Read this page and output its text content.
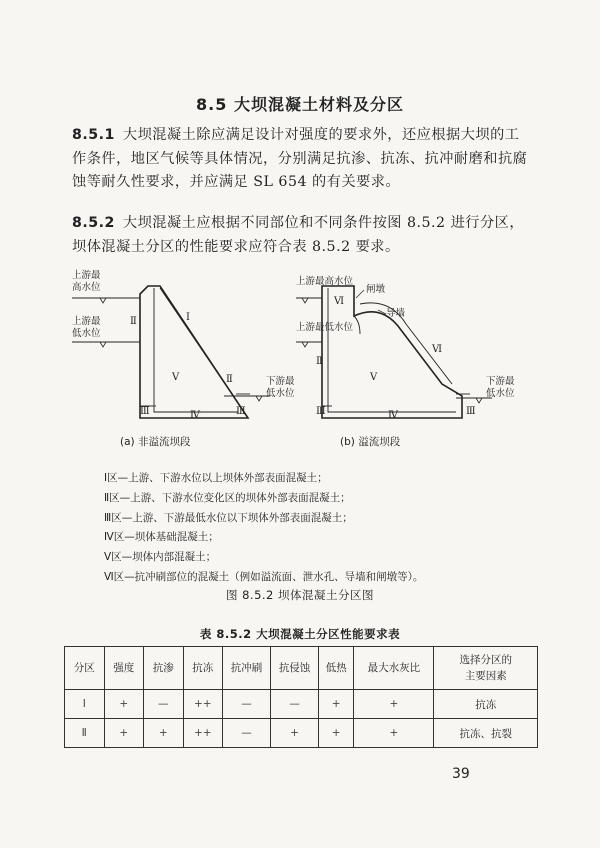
8.5 大坝混凝土材料及分区
8.5.1 大坝混凝土除应满足设计对强度的要求外，还应根据大坝的工作条件，地区气候等具体情况，分别满足抗渗、抗冻、抗冲耐磨和抗腐蚀等耐久性要求，并应满足 SL 654 的有关要求。
8.5.2 大坝混凝土应根据不同部位和不同条件按图 8.5.2 进行分区，坝体混凝土分区的性能要求应符合表 8.5.2 要求。
上游最
高水位
上游最
低水位
下游最
低水位
Ⅰ
Ⅱ
Ⅱ
Ⅴ
Ⅲ	Ⅲ
Ⅳ
上游最高水位
上游最低水位
闸墩
导墙
下游最
低水位
Ⅵ
Ⅵ
Ⅴ
Ⅱ
Ⅲ	Ⅲ
Ⅳ
(a) 非溢流坝段	(b) 溢流坝段
Ⅰ区—上游、下游水位以上坝体外部表面混凝土；
Ⅱ区—上游、下游水位变化区的坝体外部表面混凝土；
Ⅲ区—上游、下游最低水位以下坝体外部表面混凝土；
Ⅳ区—坝体基础混凝土；
Ⅴ区—坝体内部混凝土；
Ⅵ区—抗冲刷部位的混凝土（例如溢流面、泄水孔、导墙和闸墩等）。
图 8.5.2 坝体混凝土分区图
表 8.5.2 大坝混凝土分区性能要求表
分区	强度	抗渗	抗冻	抗冲刷	抗侵蚀	低热	最大水灰比	选择分区的
主要因素
Ⅰ	+	—	++	—	—	+	+	抗冻
Ⅱ	+	+	++	—	+	+	+	抗冻、抗裂
39
